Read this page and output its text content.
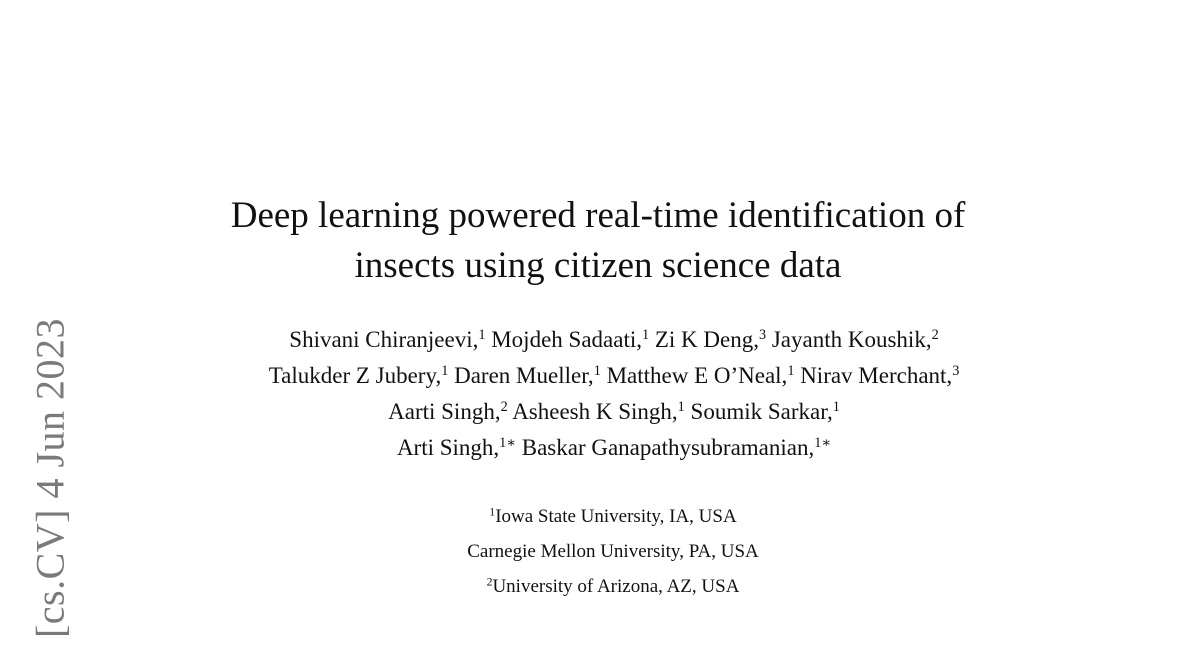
Deep learning powered real-time identification of
insects using citizen science data
Shivani Chiranjeevi,$^1$ Mojdeh Sadaati,$^1$ Zi K Deng,$^3$ Jayanth Koushik,$^2$
Talukder Z Jubery,$^1$ Daren Mueller,$^1$ Matthew E O’Neal,$^1$ Nirav Merchant,$^3$
Aarti Singh,$^2$ Asheesh K Singh,$^1$ Soumik Sarkar,$^1$
Arti Singh,$^{1∗}$ Baskar Ganapathysubramanian,$^{1∗}$
$^1$Iowa State University, IA, USA
Carnegie Mellon University, PA, USA
$^2$University of Arizona, AZ, USA
[cs.CV] 4 Jun 2023
